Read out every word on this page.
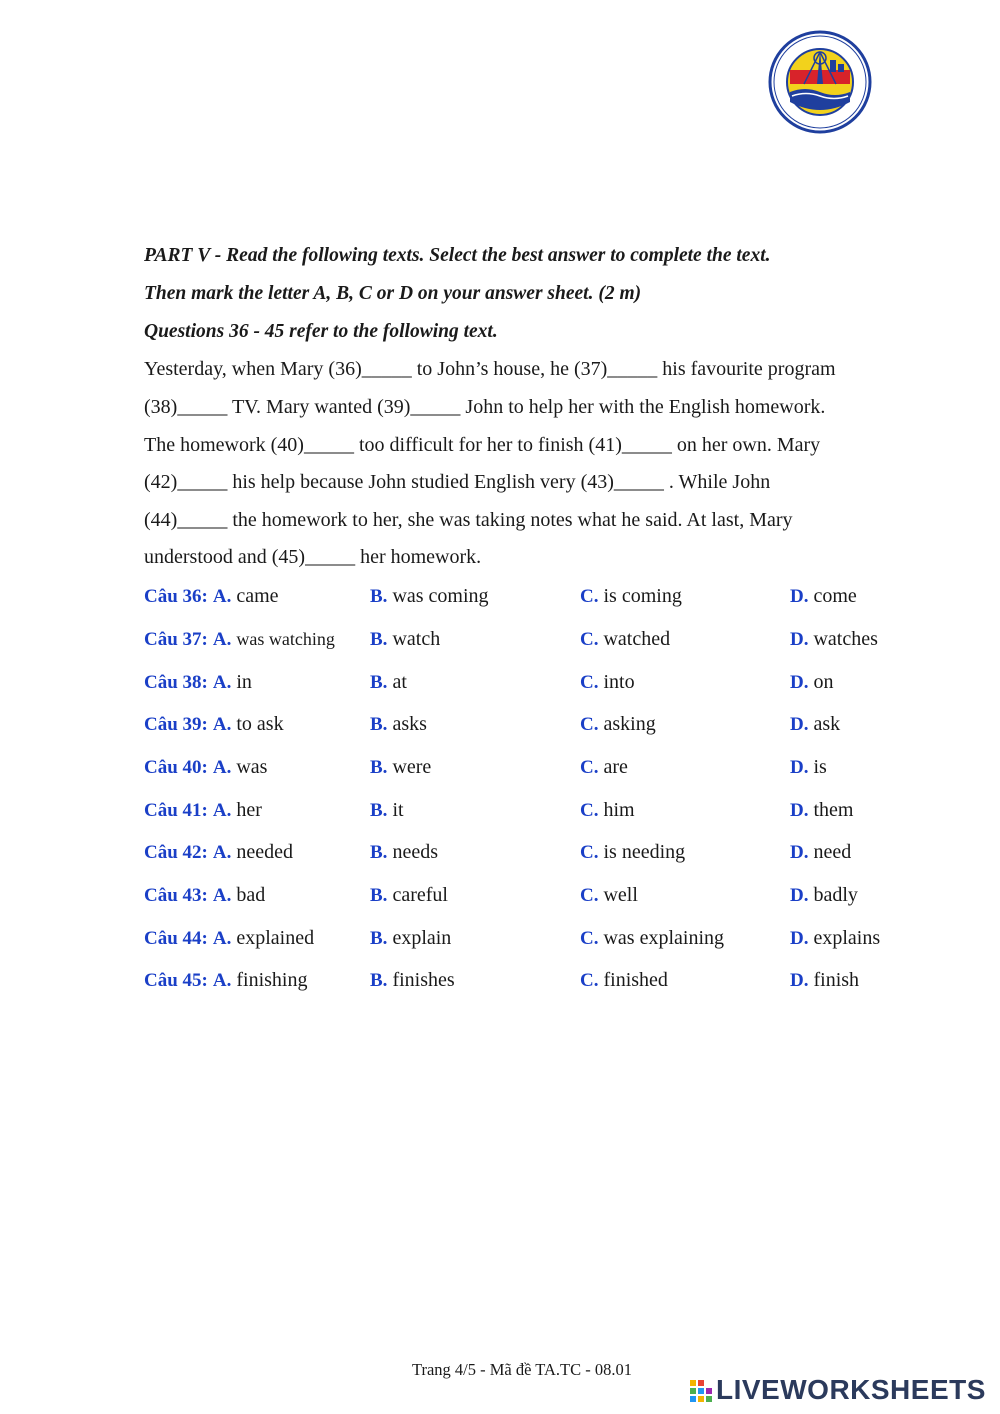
PART V - Read the following texts. Select the best answer to complete the text.
Then mark the letter A, B, C or D on your answer sheet. (2 m)
Questions 36 - 45 refer to the following text.
Yesterday, when Mary (36)_____ to John’s house, he (37)_____ his favourite program
(38)_____ TV. Mary wanted (39)_____ John to help her with the English homework.
The homework (40)_____ too difficult for her to finish (41)_____ on her own. Mary
(42)_____ his help because John studied English very (43)_____ . While John
(44)_____ the homework to her, she was taking notes what he said. At last, Mary
understood and (45)_____ her homework.
Câu 36: A. came	B. was coming	C. is coming	D. come
Câu 37: A. was watching B. watch	C. watched	D. watches
Câu 38: A. in	B. at	C. into	D. on
Câu 39: A. to ask	B. asks	C. asking	D. ask
Câu 40: A. was	B. were	C. are	D. is
Câu 41: A. her	B. it	C. him	D. them
Câu 42: A. needed	B. needs	C. is needing	D. need
Câu 43: A. bad	B. careful	C. well	D. badly
Câu 44: A. explained	B. explain	C. was explaining	D. explains
Câu 45: A. finishing	B. finishes	C. finished	D. finish
Trang 4/5 - Mã đề TA.TC - 08.01
LIVEWORKSHEETS
